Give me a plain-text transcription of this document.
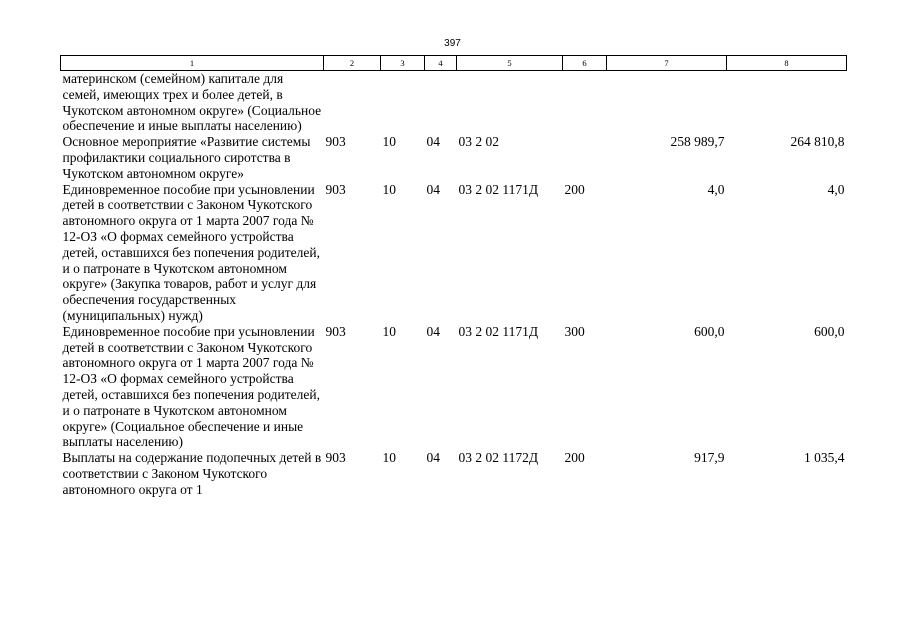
397
1	2	3	4	5	6	7	8
материнском (семейном) капитале для семей, имеющих трех и более детей, в Чукотском автономном округе» (Социальное обеспечение и иные выплаты населению)							
Основное мероприятие «Развитие системы профилактики социального сиротства в Чукотском автономном округе»	903	10	04	03 2 02		258 989,7	264 810,8
Единовременное пособие при усыновлении детей в соответствии с Законом Чукотского автономного округа от 1 марта 2007 года № 12-ОЗ «О формах семейного устройства детей, оставшихся без попечения родителей, и о патронате в Чукотском автономном округе» (Закупка товаров, работ и услуг для обеспечения государственных (муниципальных) нужд)	903	10	04	03 2 02 1171Д	200	4,0	4,0
Единовременное пособие при усыновлении детей в соответствии с Законом Чукотского автономного округа от 1 марта 2007 года № 12-ОЗ «О формах семейного устройства детей, оставшихся без попечения родителей, и о патронате в Чукотском автономном округе» (Социальное обеспечение и иные выплаты населению)	903	10	04	03 2 02 1171Д	300	600,0	600,0
Выплаты на содержание подопечных детей в соответствии с Законом Чукотского автономного округа от 1	903	10	04	03 2 02 1172Д	200	917,9	1 035,4
